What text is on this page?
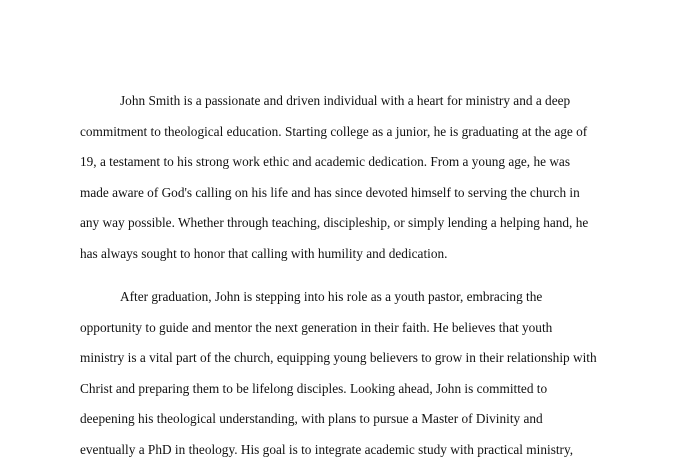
John Smith is a passionate and driven individual with a heart for ministry and a deep
commitment to theological education. Starting college as a junior, he is graduating at the age of
19, a testament to his strong work ethic and academic dedication. From a young age, he was
made aware of God's calling on his life and has since devoted himself to serving the church in
any way possible. Whether through teaching, discipleship, or simply lending a helping hand, he
has always sought to honor that calling with humility and dedication.

After graduation, John is stepping into his role as a youth pastor, embracing the
opportunity to guide and mentor the next generation in their faith. He believes that youth
ministry is a vital part of the church, equipping young believers to grow in their relationship with
Christ and preparing them to be lifelong disciples. Looking ahead, John is committed to
deepening his theological understanding, with plans to pursue a Master of Divinity and
eventually a PhD in theology. His goal is to integrate academic study with practical ministry,
